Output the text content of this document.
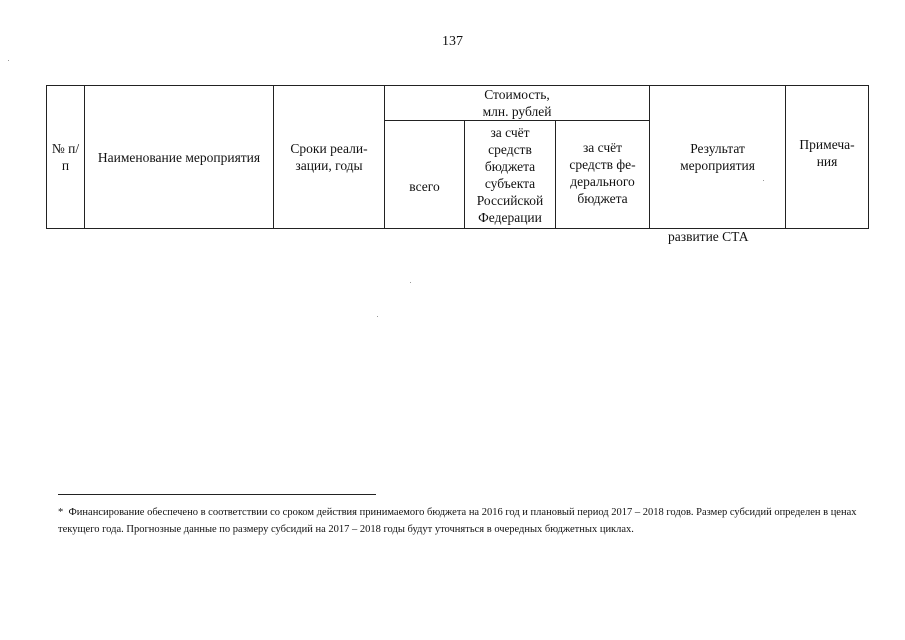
137
№ п/п	Наименование мероприятия	Сроки реали-зации, годы	Стоимость, млн. рублей			Результат мероприятия	Примеча-ния
			всего	за счёт средств бюджета субъекта Российской Федерации	за счёт средств фе-дерального бюджета		
развитие СТА
* Финансирование обеспечено в соответствии со сроком действия принимаемого бюджета на 2016 год и плановый период 2017 – 2018 годов. Размер субсидий определен в ценах текущего года. Прогнозные данные по размеру субсидий на 2017 – 2018 годы будут уточняться в очередных бюджетных циклах.
